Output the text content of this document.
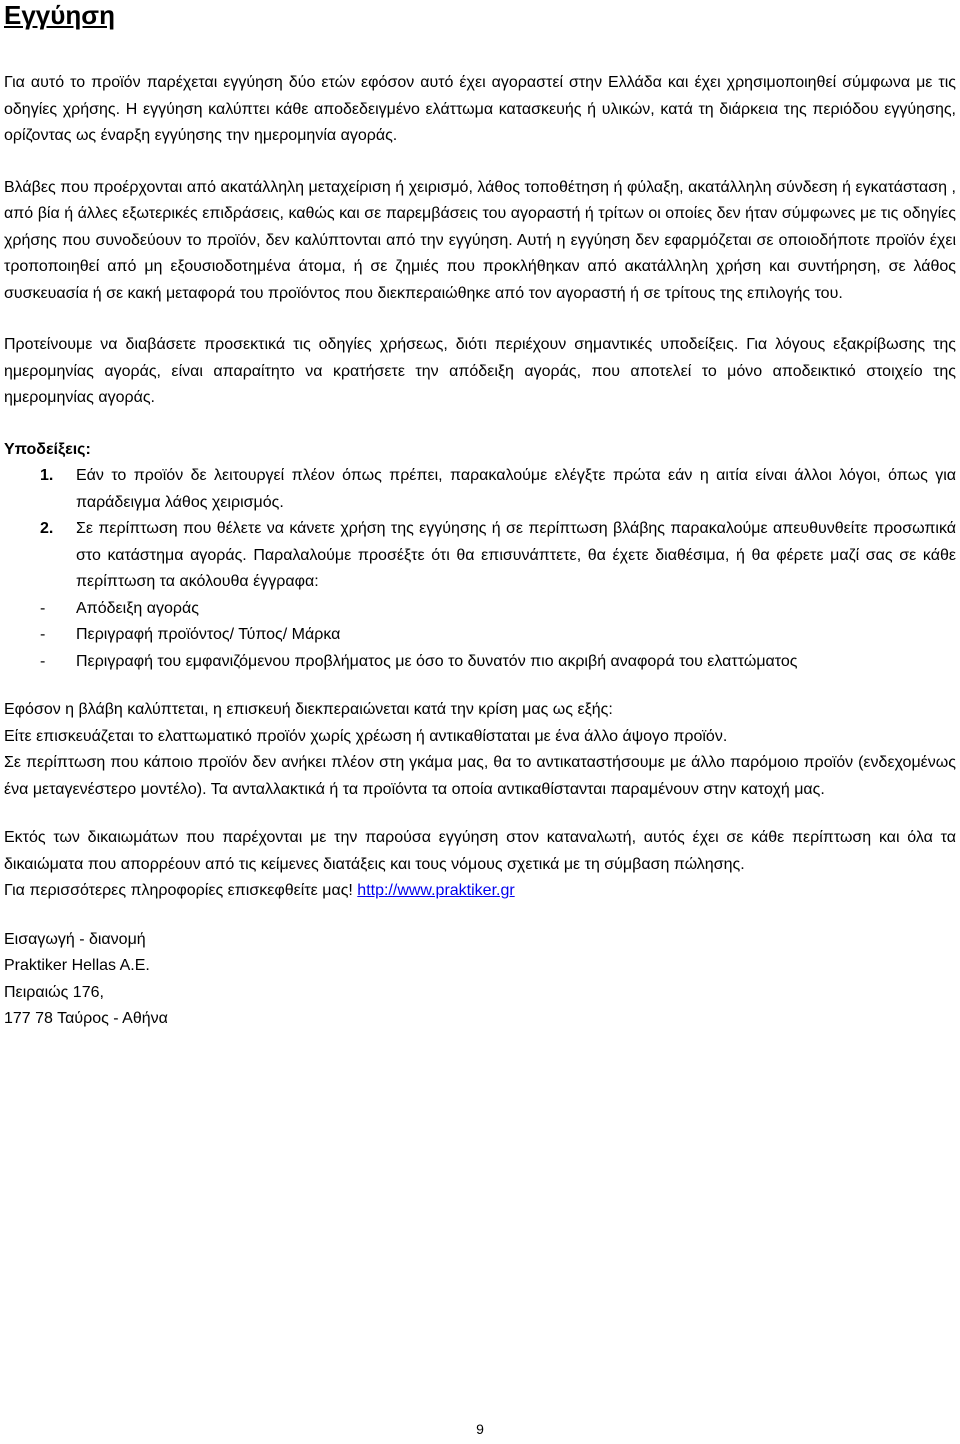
Εγγύηση

Για αυτό το προϊόν παρέχεται εγγύηση δύο ετών εφόσον αυτό έχει αγοραστεί στην Ελλάδα και έχει χρησιμοποιηθεί σύμφωνα με τις οδηγίες χρήσης. Η εγγύηση καλύπτει κάθε αποδεδειγμένο ελάττωμα κατασκευής ή υλικών, κατά τη διάρκεια της περιόδου εγγύησης, ορίζοντας ως έναρξη εγγύησης την ημερομηνία αγοράς.

Βλάβες που προέρχονται από ακατάλληλη μεταχείριση ή χειρισμό, λάθος τοποθέτηση ή φύλαξη, ακατάλληλη σύνδεση ή εγκατάσταση , από βία ή άλλες εξωτερικές επιδράσεις, καθώς και σε παρεμβάσεις του αγοραστή ή τρίτων οι οποίες δεν ήταν σύμφωνες με τις οδηγίες χρήσης που συνοδεύουν το προϊόν, δεν καλύπτονται από την εγγύηση. Αυτή η εγγύηση δεν εφαρμόζεται σε οποιοδήποτε προϊόν έχει τροποποιηθεί από μη εξουσιοδοτημένα άτομα, ή σε ζημιές που προκλήθηκαν από ακατάλληλη χρήση και συντήρηση, σε λάθος συσκευασία ή σε κακή μεταφορά του προϊόντος που διεκπεραιώθηκε από τον αγοραστή ή σε τρίτους της επιλογής του.

Προτείνουμε να διαβάσετε προσεκτικά τις οδηγίες χρήσεως, διότι περιέχουν σημαντικές υποδείξεις. Για λόγους εξακρίβωσης της ημερομηνίας αγοράς, είναι απαραίτητο να κρατήσετε την απόδειξη αγοράς, που αποτελεί το μόνο αποδεικτικό στοιχείο της ημερομηνίας αγοράς.

Υποδείξεις:
1. Εάν το προϊόν δε λειτουργεί πλέον όπως πρέπει, παρακαλούμε ελέγξτε πρώτα εάν η αιτία είναι άλλοι λόγοι, όπως για παράδειγμα λάθος χειρισμός.
2. Σε περίπτωση που θέλετε να κάνετε χρήση της εγγύησης ή σε περίπτωση βλάβης παρακαλούμε απευθυνθείτε προσωπικά στο κατάστημα αγοράς. Παραλαλούμε προσέξτε ότι θα επισυνάπτετε, θα έχετε διαθέσιμα, ή θα φέρετε μαζί σας σε κάθε περίπτωση τα ακόλουθα έγγραφα:
- Απόδειξη αγοράς
- Περιγραφή προϊόντος/ Τύπος/ Μάρκα
- Περιγραφή του εμφανιζόμενου προβλήματος με όσο το δυνατόν πιο ακριβή αναφορά του ελαττώματος

Εφόσον η βλάβη καλύπτεται, η επισκευή διεκπεραιώνεται κατά την κρίση μας ως εξής:

Είτε επισκευάζεται το ελαττωματικό προϊόν χωρίς χρέωση ή αντικαθίσταται με ένα άλλο άψογο προϊόν.

Σε περίπτωση που κάποιο προϊόν δεν ανήκει πλέον στη γκάμα μας, θα το αντικαταστήσουμε με άλλο παρόμοιο προϊόν (ενδεχομένως ένα μεταγενέστερο μοντέλο). Τα ανταλλακτικά ή τα προϊόντα τα οποία αντικαθίστανται παραμένουν στην κατοχή μας.

Εκτός των δικαιωμάτων που παρέχονται με την παρούσα εγγύηση στον καταναλωτή, αυτός έχει σε κάθε περίπτωση και όλα τα δικαιώματα που απορρέουν από τις κείμενες διατάξεις και τους νόμους σχετικά με τη σύμβαση πώλησης.

Για περισσότερες πληροφορίες επισκεφθείτε μας! http://www.praktiker.gr

Εισαγωγή - διανομή

Praktiker Hellas A.E.

Πειραιώς 176,

177 78 Ταύρος - Αθήνα

9
